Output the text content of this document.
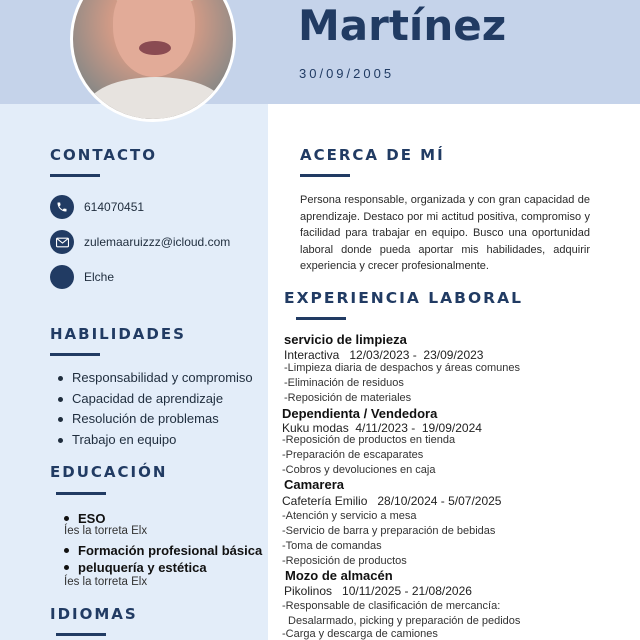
Martínez
30/09/2005
CONTACTO
614070451
zulemaaruizzz@icloud.com
Elche
HABILIDADES
Responsabilidad y compromiso
Capacidad de aprendizaje
Resolución de problemas
Trabajo en equipo
EDUCACIÓN
ESO
Íes la torreta Elx
Formación profesional básica
peluquería y estética
Íes la torreta Elx
IDIOMAS
ACERCA DE MÍ
Persona responsable, organizada y con gran capacidad de aprendizaje. Destaco por mi actitud positiva, compromiso y facilidad para trabajar en equipo. Busco una oportunidad laboral donde pueda aportar mis habilidades, adquirir experiencia y crecer profesionalmente.
EXPERIENCIA LABORAL
servicio de limpieza
Interactiva   12/03/2023 -  23/09/2023
-Limpieza diaria de despachos y áreas comunes
-Eliminación de residuos
-Reposición de materiales
Dependienta / Vendedora
Kuku modas  4/11/2023 -  19/09/2024
-Reposición de productos en tienda
-Preparación de escaparates
-Cobros y devoluciones en caja
Camarera
Cafetería Emilio   28/10/2024 - 5/07/2025
-Atención y servicio a mesa
-Servicio de barra y preparación de bebidas
-Toma de comandas
-Reposición de productos
Mozo de almacén
Pikolinos   10/11/2025 - 21/08/2026
-Responsable de clasificación de mercancía:
Desalarmado, picking y preparación de pedidos
-Carga y descarga de camiones
